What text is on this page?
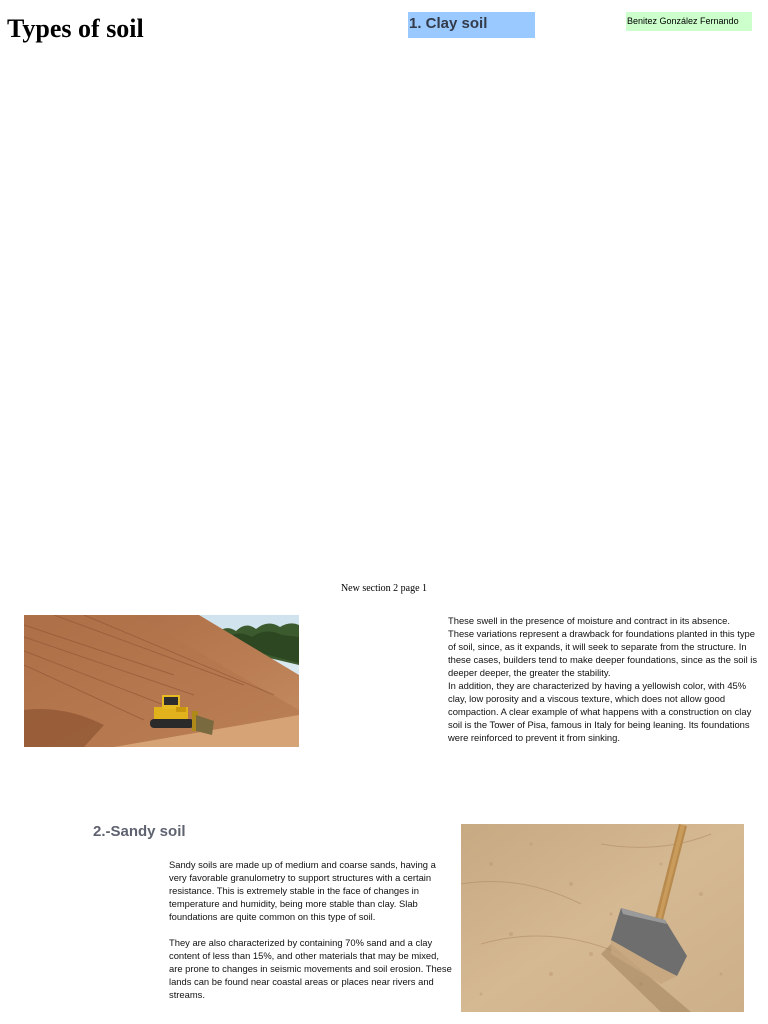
Types of soil	1. Clay soil	Benitez González Fernando
New section 2 page 1

These swell in the presence of moisture and contract in its absence. These variations represent a drawback for foundations planted in this type of soil, since, as it expands, it will seek to separate from the structure. In these cases, builders tend to make deeper foundations, since as the soil is deeper deeper, the greater the stability.

In addition, they are characterized by having a yellowish color, with 45% clay, low porosity and a viscous texture, which does not allow good compaction. A clear example of what happens with a construction on clay soil is the Tower of Pisa, famous in Italy for being leaning. Its foundations were reinforced to prevent it from sinking.

2.-Sandy soil

Sandy soils are made up of medium and coarse sands, having a very favorable granulometry to support structures with a certain resistance. This is extremely stable in the face of changes in temperature and humidity, being more stable than clay. Slab foundations are quite common on this type of soil.

They are also characterized by containing 70% sand and a clay content of less than 15%, and other materials that may be mixed, are prone to changes in seismic movements and soil erosion. These lands can be found near coastal areas or places near rivers and streams.
